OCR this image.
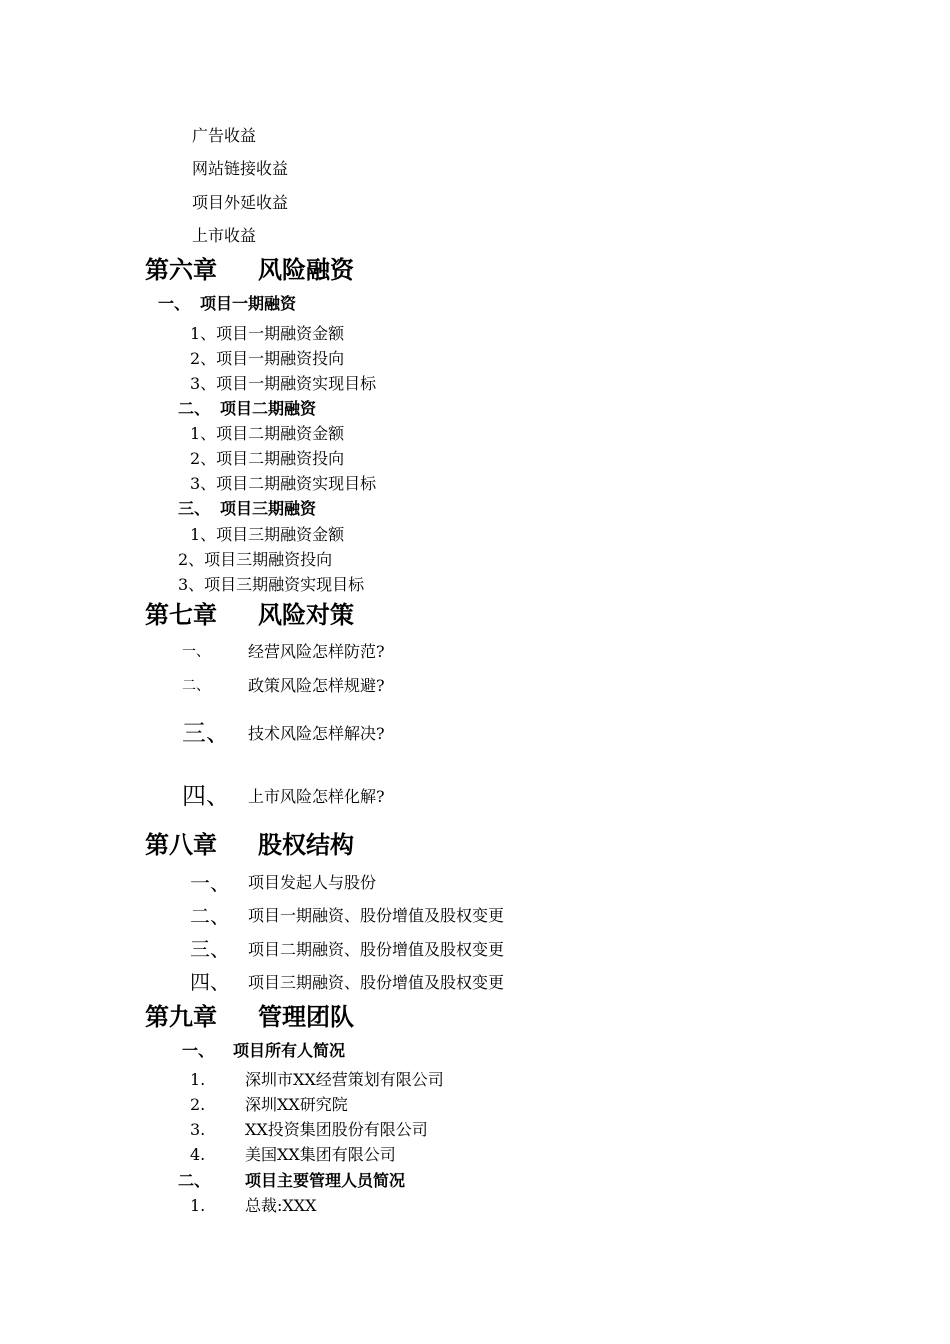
广告收益
网站链接收益
项目外延收益
上市收益
第六章 风险融资
一、 项目一期融资
1、项目一期融资金额
2、项目一期融资投向
3、项目一期融资实现目标
二、 项目二期融资
1、项目二期融资金额
2、项目二期融资投向
3、项目二期融资实现目标
三、 项目三期融资
1、项目三期融资金额
2、项目三期融资投向
3、项目三期融资实现目标
第七章 风险对策
一、 经营风险怎样防范?
二、 政策风险怎样规避?
三、 技术风险怎样解决?
四、 上市风险怎样化解?
第八章 股权结构
一、 项目发起人与股份
二、 项目一期融资、股份增值及股权变更
三、 项目二期融资、股份增值及股权变更
四、 项目三期融资、股份增值及股权变更
第九章 管理团队
一、 项目所有人简况
1. 深圳市XX经营策划有限公司
2. 深圳XX研究院
3. XX投资集团股份有限公司
4. 美国XX集团有限公司
二、 项目主要管理人员简况
1. 总裁:XXX
